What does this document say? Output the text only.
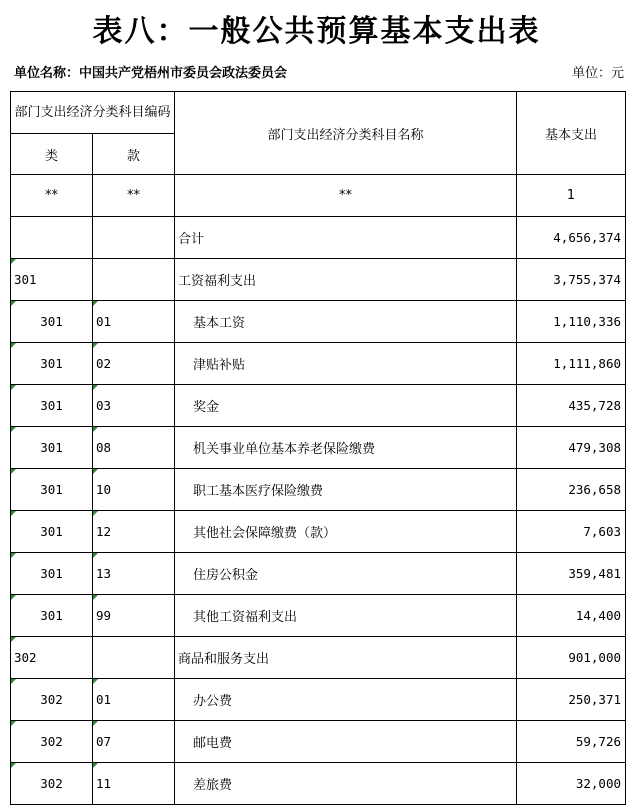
表八：一般公共预算基本支出表
单位名称：中国共产党梧州市委员会政法委员会	单位：元
部门支出经济分类科目编码		部门支出经济分类科目名称	基本支出
类	款		
**	**	**	1
		合计	4,656,374
301		工资福利支出	3,755,374
301	01	基本工资	1,110,336
301	02	津贴补贴	1,111,860
301	03	奖金	435,728
301	08	机关事业单位基本养老保险缴费	479,308
301	10	职工基本医疗保险缴费	236,658
301	12	其他社会保障缴费（款）	7,603
301	13	住房公积金	359,481
301	99	其他工资福利支出	14,400
302		商品和服务支出	901,000
302	01	办公费	250,371
302	07	邮电费	59,726
302	11	差旅费	32,000
